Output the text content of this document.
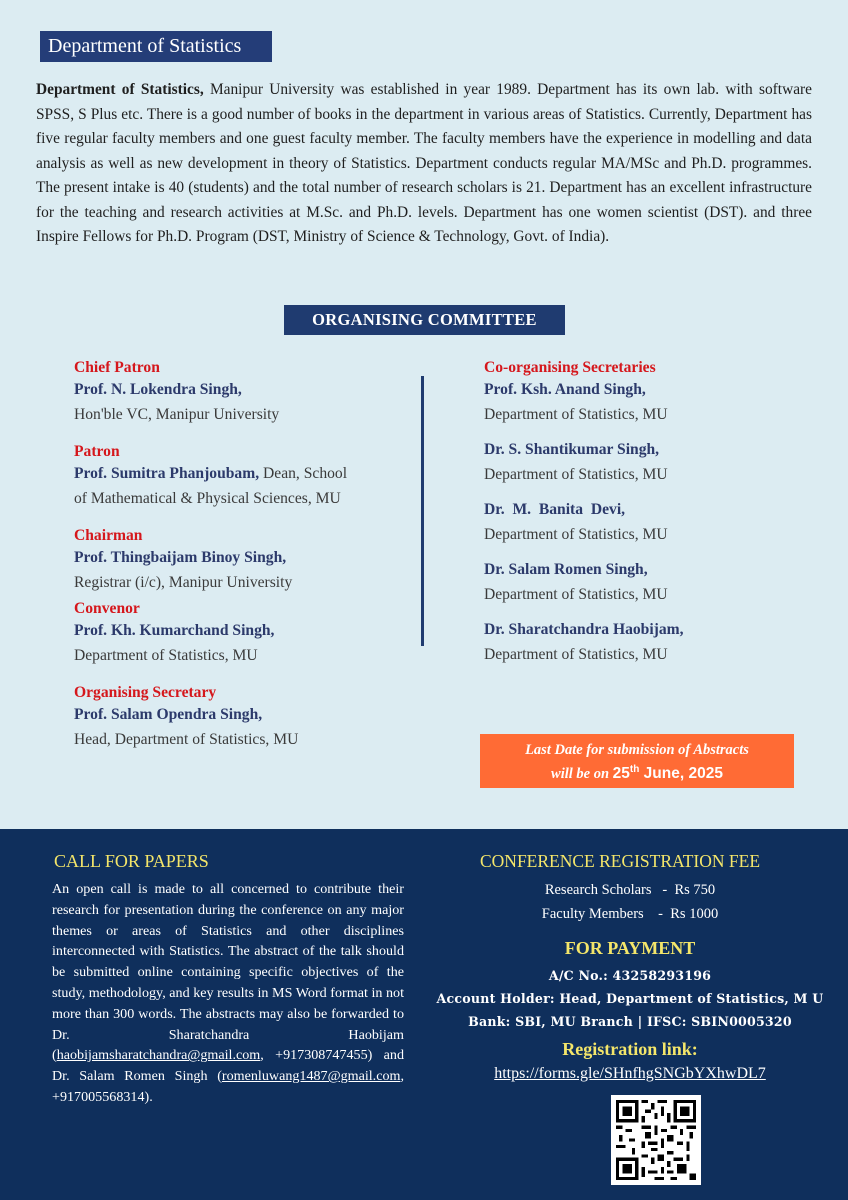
Department of Statistics
Department of Statistics, Manipur University was established in year 1989. Department has its own lab. with software SPSS, S Plus etc. There is a good number of books in the department in various areas of Statistics. Currently, Department has five regular faculty members and one guest faculty member. The faculty members have the experience in modelling and data analysis as well as new development in theory of Statistics. Department conducts regular MA/MSc and Ph.D. programmes. The present intake is 40 (students) and the total number of research scholars is 21. Department has an excellent infrastructure for the teaching and research activities at M.Sc. and Ph.D. levels. Department has one women scientist (DST). and three Inspire Fellows for Ph.D. Program (DST, Ministry of Science & Technology, Govt. of India).
ORGANISING COMMITTEE
Chief Patron
Prof. N. Lokendra Singh,
Hon'ble VC, Manipur University
Patron
Prof. Sumitra Phanjoubam, Dean, School
of Mathematical & Physical Sciences, MU
Chairman
Prof. Thingbaijam Binoy Singh,
Registrar (i/c), Manipur University
Convenor
Prof. Kh. Kumarchand Singh,
Department of Statistics, MU
Organising Secretary
Prof. Salam Opendra Singh,
Head, Department of Statistics, MU
Co-organising Secretaries
Prof. Ksh. Anand Singh,
Department of Statistics, MU
Dr. S. Shantikumar Singh,
Department of Statistics, MU
Dr.  M.  Banita  Devi,
Department of Statistics, MU
Dr. Salam Romen Singh,
Department of Statistics, MU
Dr. Sharatchandra Haobijam,
Department of Statistics, MU
Last Date for submission of Abstracts
will be on 25th June, 2025
CALL FOR PAPERS
An open call is made to all concerned to contribute their research for presentation during the conference on any major themes or areas of Statistics and other disciplines interconnected with Statistics. The abstract of the talk should be submitted online containing specific objectives of the study, methodology, and key results in MS Word format in not more than 300 words. The abstracts may also be forwarded to Dr. Sharatchandra Haobijam (haobijamsharatchandra@gmail.com, +917308747455) and Dr. Salam Romen Singh (romenluwang1487@gmail.com, +917005568314).
CONFERENCE REGISTRATION FEE
Research Scholars   -  Rs 750
Faculty Members    -  Rs 1000
FOR PAYMENT
A/C No.: 43258293196
Account Holder: Head, Department of Statistics, M U
Bank: SBI, MU Branch | IFSC: SBIN0005320
Registration link:
https://forms.gle/SHnfhgSNGbYXhwDL7
